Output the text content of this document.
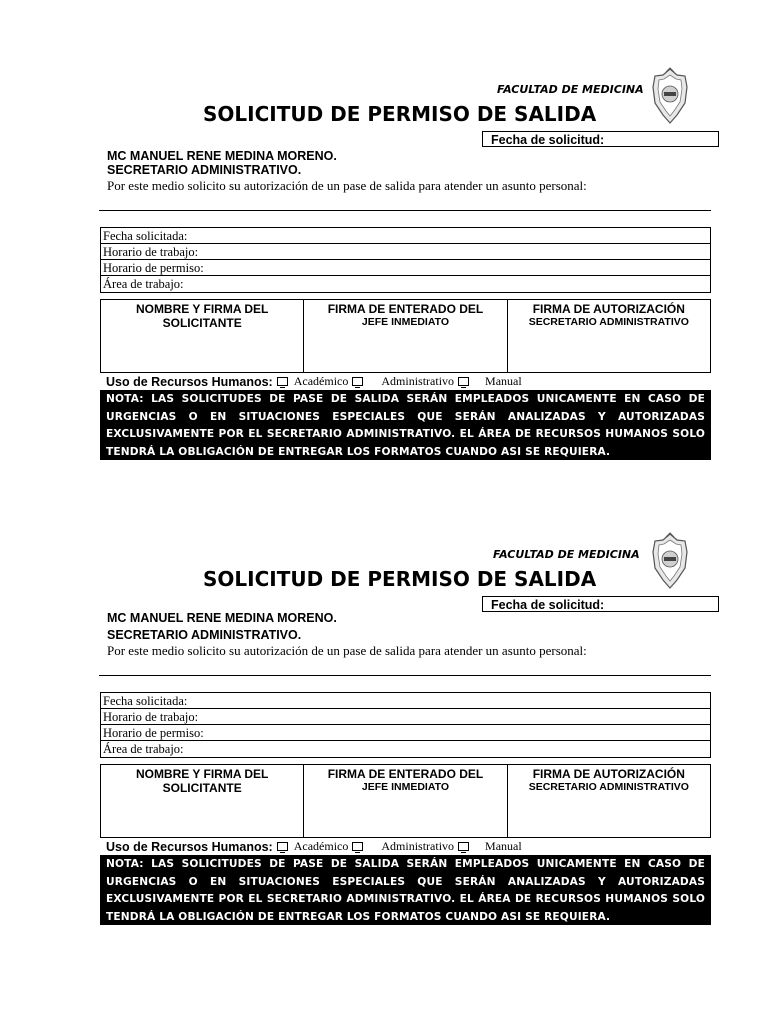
FACULTAD DE MEDICINA
SOLICITUD DE PERMISO DE SALIDA
Fecha de solicitud:
MC MANUEL RENE MEDINA MORENO.
SECRETARIO ADMINISTRATIVO.
Por este medio solicito su autorización de un pase de salida para atender un asunto personal:
Fecha solicitada:
Horario de trabajo:
Horario de permiso:
Área de trabajo:
NOMBRE Y FIRMA DEL SOLICITANTE
FIRMA DE ENTERADO DEL
JEFE INMEDIATO
FIRMA DE AUTORIZACIÓN
SECRETARIO ADMINISTRATIVO
Uso de Recursos Humanos: Académico	Administrativo	Manual
NOTA: LAS SOLICITUDES DE PASE DE SALIDA SERÁN EMPLEADOS UNICAMENTE EN CASO DE URGENCIAS O EN SITUACIONES ESPECIALES QUE SERÁN ANALIZADAS Y AUTORIZADAS EXCLUSIVAMENTE POR EL SECRETARIO ADMINISTRATIVO. EL ÁREA DE RECURSOS HUMANOS SOLO TENDRÁ LA OBLIGACIÓN DE ENTREGAR LOS FORMATOS CUANDO ASI SE REQUIERA.
FACULTAD DE MEDICINA
SOLICITUD DE PERMISO DE SALIDA
Fecha de solicitud:
MC MANUEL RENE MEDINA MORENO.
SECRETARIO ADMINISTRATIVO.
Por este medio solicito su autorización de un pase de salida para atender un asunto personal:
Fecha solicitada:
Horario de trabajo:
Horario de permiso:
Área de trabajo:
NOMBRE Y FIRMA DEL SOLICITANTE
FIRMA DE ENTERADO DEL
JEFE INMEDIATO
FIRMA DE AUTORIZACIÓN
SECRETARIO ADMINISTRATIVO
Uso de Recursos Humanos: Académico	Administrativo	Manual
NOTA: LAS SOLICITUDES DE PASE DE SALIDA SERÁN EMPLEADOS UNICAMENTE EN CASO DE URGENCIAS O EN SITUACIONES ESPECIALES QUE SERÁN ANALIZADAS Y AUTORIZADAS EXCLUSIVAMENTE POR EL SECRETARIO ADMINISTRATIVO. EL ÁREA DE RECURSOS HUMANOS SOLO TENDRÁ LA OBLIGACIÓN DE ENTREGAR LOS FORMATOS CUANDO ASI SE REQUIERA.
